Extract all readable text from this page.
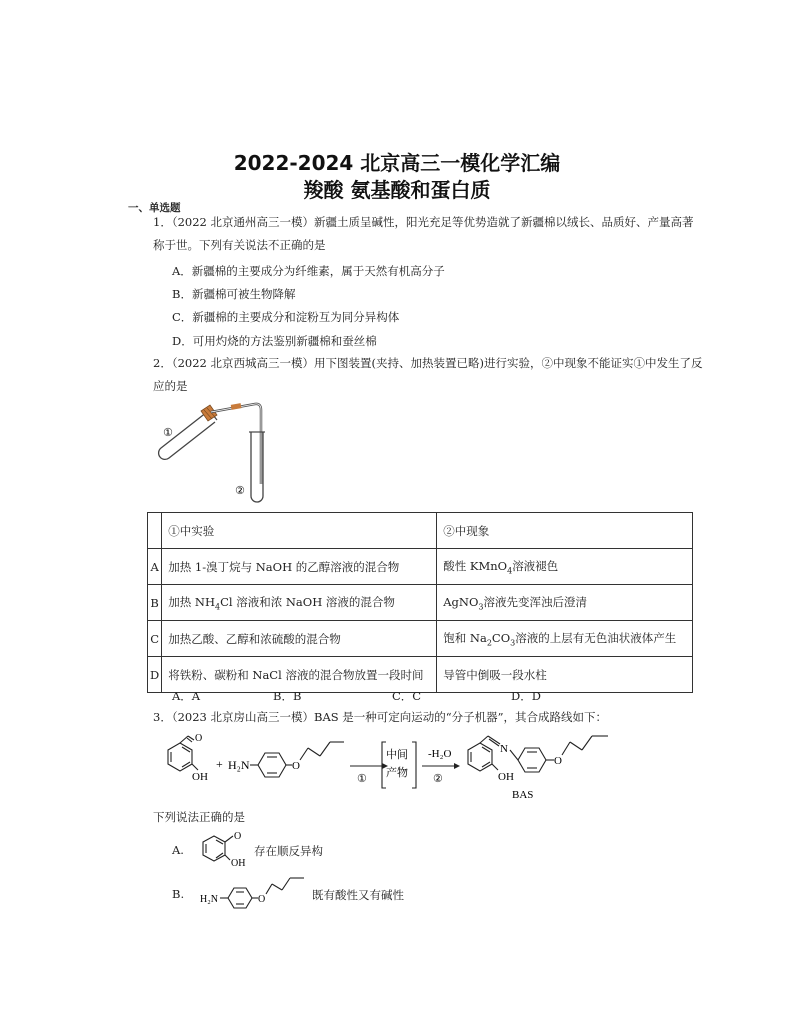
2022-2024 北京高三一模化学汇编
羧酸 氨基酸和蛋白质
一、单选题
1．（2022 北京通州高三一模）新疆土质呈碱性，阳光充足等优势造就了新疆棉以绒长、品质好、产量高著
称于世。下列有关说法不正确的是
A．新疆棉的主要成分为纤维素，属于天然有机高分子
B．新疆棉可被生物降解
C．新疆棉的主要成分和淀粉互为同分异构体
D．可用灼烧的方法鉴别新疆棉和蚕丝棉
2．（2022 北京西城高三一模）用下图装置(夹持、加热装置已略)进行实验，②中现象不能证实①中发生了反
应的是
①
②
	①中实验	②中现象
A	加热 1-溴丁烷与 NaOH 的乙醇溶液的混合物	酸性 KMnO$_4$溶液褪色
B	加热 $NH_4Cl$ 溶液和浓 NaOH 溶液的混合物	AgNO$_3$溶液先变浑浊后澄清
C	加热乙酸、乙醇和浓硫酸的混合物	饱和 $Na_2CO_3$溶液的上层有无色油状液体产生
D	将铁粉、碳粉和 NaCl 溶液的混合物放置一段时间	导管中倒吸一段水柱
A．A	B．B	C．C	D．D
3．（2023 北京房山高三一模）BAS 是一种可定向运动的“分子机器”，其合成路线如下：
O
OH
+ H₂N	O
①
中间
产物
-H₂O
②
N
O
OH
BAS
下列说法正确的是
A.
O
OH
存在顺反异构
B. H₂N	O	既有酸性又有碱性
